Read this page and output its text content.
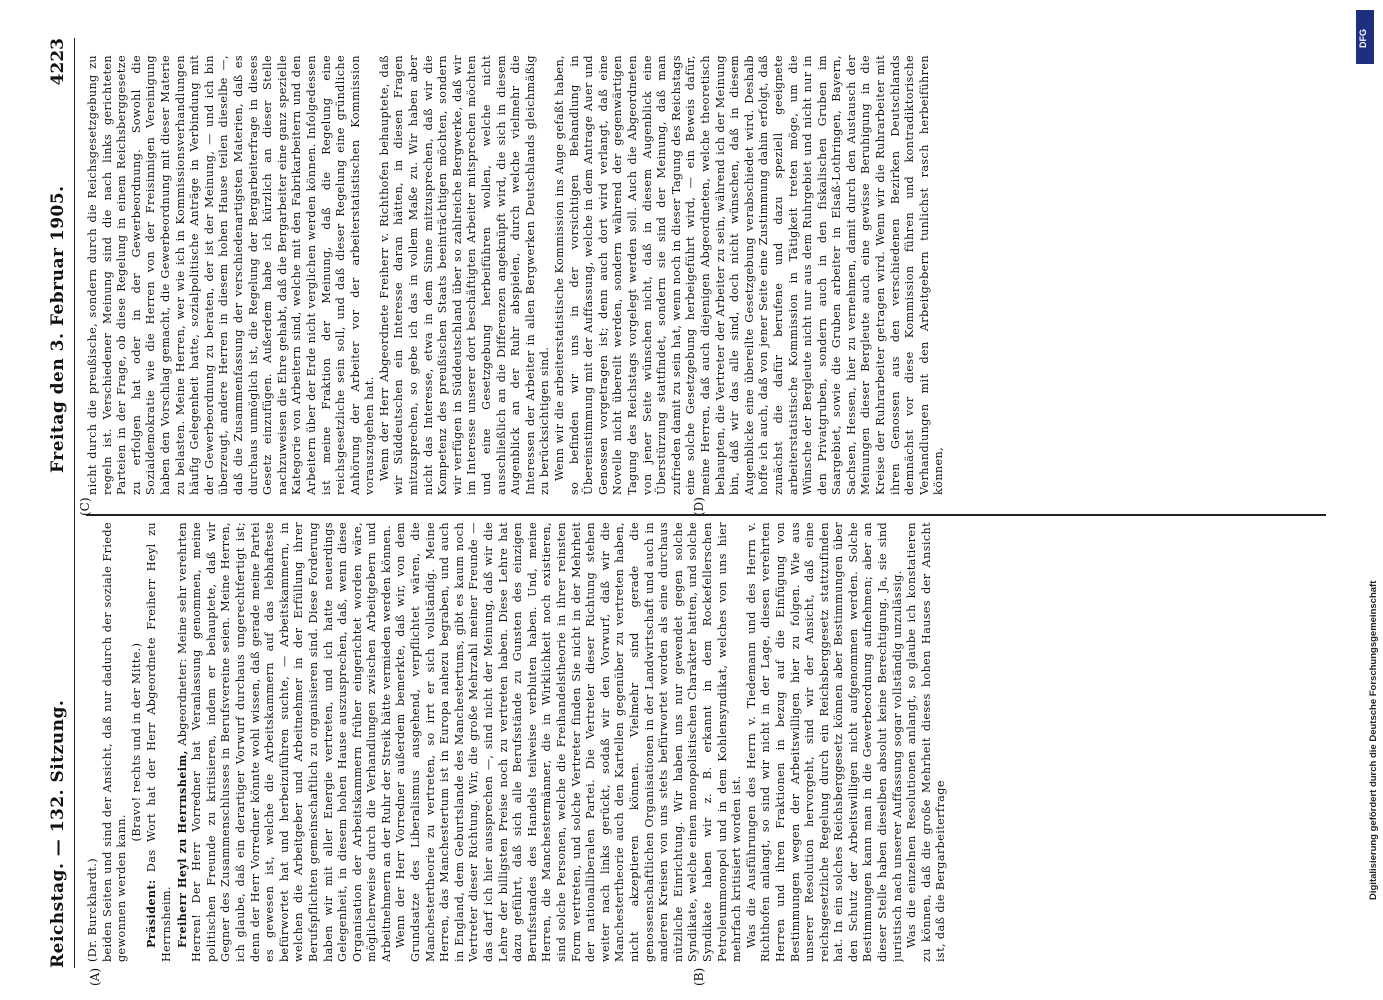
Reichstag. — 132. Sitzung.
Freitag den 3. Februar 1905.
4223
(A)	(B)
(C)	(D)

(Dr. Burckhardt.) beiden Seiten und sind der Ansicht, daß nur dadurch der soziale Friede gewonnen werden kann.

(Bravo! rechts und in der Mitte.)

Präsident: Das Wort hat der Herr Abgeordnete Freiherr Heyl zu Herrnsheim. Freiherr Heyl zu Herrnsheim, Abgeordneter: Meine sehr verehrten Herren! Der Herr Vorredner hat Veranlassung genommen, meine politischen Freunde zu kritisieren, indem er behauptete, daß wir Gegner des Zusammenschlusses in Berufsvereine seien. Meine Herren, ich glaube, daß ein derartiger Vorwurf durchaus ungerechtfertigt ist; denn der Herr Vorredner könnte wohl wissen, daß gerade meine Partei es gewesen ist, welche die Arbeitskammern auf das lebhafteste befürwortet hat und herbeizuführen suchte, — Arbeitskammern, in welchen die Arbeitgeber und Arbeitnehmer in der Erfüllung ihrer Berufspflichten gemeinschaftlich zu organisieren sind. Diese Forderung haben wir mit aller Energie vertreten, und ich hatte neuerdings Gelegenheit, in diesem hohen Hause auszusprechen, daß, wenn diese Organisation der Arbeitskammern früher eingerichtet worden wäre, möglicherweise durch die Verhandlungen zwischen Arbeitgebern und Arbeitnehmern an der Ruhr der Streik hätte vermieden werden können. Wenn der Herr Vorredner außerdem bemerkte, daß wir, von dem Grundsatze des Liberalismus ausgehend, verpflichtet wären, die Manchestertheorie zu vertreten, so irrt er sich vollständig. Meine Herren, das Manchestertum ist in Europa nahezu begraben, und auch in England, dem Geburtslande des Manchestertums, gibt es kaum noch Vertreter dieser Richtung. Wir, die große Mehrzahl meiner Freunde — das darf ich hier aussprechen —, sind nicht der Meinung, daß wir die Lehre der billigsten Preise noch zu vertreten haben. Diese Lehre hat dazu geführt, daß sich alle Berufsstände zu Gunsten des einzigen Berufsstandes des Handels teilweise verbluten haben. Und, meine Herren, die Manchestermänner, die in Wirklichkeit noch existieren, sind solche Personen, welche die Freihandelstheorie in ihrer reinsten Form vertreten, und solche Vertreter finden Sie nicht in der Mehrheit der nationalliberalen Partei. Die Vertreter dieser Richtung stehen weiter nach links gerückt, sodaß wir den Vorwurf, daß wir die Manchestertheorie auch den Kartellen gegenüber zu vertreten haben, nicht akzeptieren können. Vielmehr sind gerade die genossenschaftlichen Organisationen in der Landwirtschaft und auch in anderen Kreisen von uns stets befürwortet worden als eine durchaus nützliche Einrichtung. Wir haben uns nur gewendet gegen solche Syndikate, welche einen monopolistischen Charakter hatten, und solche Syndikate haben wir z. B. erkannt in dem Rockefellerschen Petroleummonopol und in dem Kohlensyndikat, welches von uns hier mehrfach kritisiert worden ist. Was die Ausführungen des Herrn v. Tiedemann und des Herrn v. Richthofen anlangt, so sind wir nicht in der Lage, diesen verehrten Herren und ihren Fraktionen in bezug auf die Einfügung von Bestimmungen wegen der Arbeitswilligen hier zu folgen. Wie aus unserer Resolution hervorgeht, sind wir der Ansicht, daß eine reichsgesetzliche Regelung durch ein Reichsberggesetz stattzufinden hat. In ein solches Reichsberggesetz können aber Bestimmungen über den Schutz der Arbeitswilligen nicht aufgenommen werden. Solche Bestimmungen kann man in die Gewerbeordnung aufnehmen; aber an dieser Stelle haben dieselben absolut keine Berechtigung. Ja, sie sind juristisch nach unserer Auffassung sogar vollständig unzulässig. Was die einzelnen Resolutionen anlangt, so glaube ich konstatieren zu können, daß die große Mehrheit dieses hohen Hauses der Ansicht ist, daß die Bergarbeiterfrage

nicht durch die preußische, sondern durch die Reichsgesetzgebung zu regeln ist. Verschiedener Meinung sind die nach links gerichteten Parteien in der Frage, ob diese Regelung in einem Reichsberggesetze zu erfolgen hat oder in der Gewerbeordnung. Sowohl die Sozialdemokratie wie die Herren von der Freisinnigen Vereinigung haben den Vorschlag gemacht, die Gewerbeordnung mit dieser Materie zu belasten. Meine Herren, wer wie ich in Kommissionsverhandlungen häufig Gelegenheit hatte, sozialpolitische Anträge in Verbindung mit der Gewerbeordnung zu beraten, der ist der Meinung, — und ich bin überzeugt, andere Herren in diesem hohen Hause teilen dieselbe —, daß die Zusammenfassung der verschiedenartigsten Materien, daß es durchaus unmöglich ist, die Regelung der Bergarbeiterfrage in dieses Gesetz einzufügen. Außerdem habe ich kürzlich an dieser Stelle nachzuweisen die Ehre gehabt, daß die Bergarbeiter eine ganz spezielle Kategorie von Arbeitern sind, welche mit den Fabrikarbeitern und den Arbeitern über der Erde nicht verglichen werden können. Infolgedessen ist meine Fraktion der Meinung, daß die Regelung eine reichsgesetzliche sein soll, und daß dieser Regelung eine gründliche Anhörung der Arbeiter vor der arbeiterstatistischen Kommission vorauszugehen hat. Wenn der Herr Abgeordnete Freiherr v. Richthofen behauptete, daß wir Süddeutschen ein Interesse daran hätten, in diesen Fragen mitzusprechen, so gebe ich das in vollem Maße zu. Wir haben aber nicht das Interesse, etwa in dem Sinne mitzusprechen, daß wir die Kompetenz des preußischen Staats beeinträchtigen möchten, sondern wir verfügen in Süddeutschland über so zahlreiche Bergwerke, daß wir im Interesse unserer dort beschäftigten Arbeiter mitsprechen möchten und eine Gesetzgebung herbeiführen wollen, welche nicht ausschließlich an die Differenzen angeknüpft wird, die sich in diesem Augenblick an der Ruhr abspielen, durch welche vielmehr die Interessen der Arbeiter in allen Bergwerken Deutschlands gleichmäßig zu berücksichtigen sind. Wenn wir die arbeiterstatistische Kommission ins Auge gefaßt haben, so befinden wir uns in der vorsichtigen Behandlung in Übereinstimmung mit der Auffassung, welche in dem Antrage Auer und Genossen vorgetragen ist; denn auch dort wird verlangt, daß eine Novelle nicht übereilt werden, sondern während der gegenwärtigen Tagung des Reichstags vorgelegt werden soll. Auch die Abgeordneten von jener Seite wünschen nicht, daß in diesem Augenblick eine Überstürzung stattfindet, sondern sie sind der Meinung, daß man zufrieden damit zu sein hat, wenn noch in dieser Tagung des Reichstags eine solche Gesetzgebung herbeigeführt wird, — ein Beweis dafür, meine Herren, daß auch diejenigen Abgeordneten, welche theoretisch behaupten, die Vertreter der Arbeiter zu sein, während ich der Meinung bin, daß wir das alle sind, doch nicht wünschen, daß in diesem Augenblicke eine übereilte Gesetzgebung verabschiedet wird. Deshalb hoffe ich auch, daß von jener Seite eine Zustimmung dahin erfolgt, daß zunächst die dafür berufene und dazu speziell geeignete arbeiterstatistische Kommission in Tätigkeit treten möge, um die Wünsche der Bergleute nicht nur aus dem Ruhrgebiet und nicht nur in den Privatgruben, sondern auch in den fiskalischen Gruben im Saargebiet, sowie die Gruben arbeiter in Elsaß-Lothringen, Bayern, Sachsen, Hessen, hier zu vernehmen, damit durch den Austausch der Meinungen dieser Bergleute auch eine gewisse Beruhigung in die Kreise der Ruhrarbeiter getragen wird. Wenn wir die Ruhrarbeiter mit ihren Genossen aus den verschiedenen Bezirken Deutschlands demnächst vor diese Kommission führen und kontradiktorische Verhandlungen mit den Arbeitgebern tunlichst rasch herbeiführen können,

DFG
Digitalisierung gefördert durch die Deutsche Forschungsgemeinschaft
